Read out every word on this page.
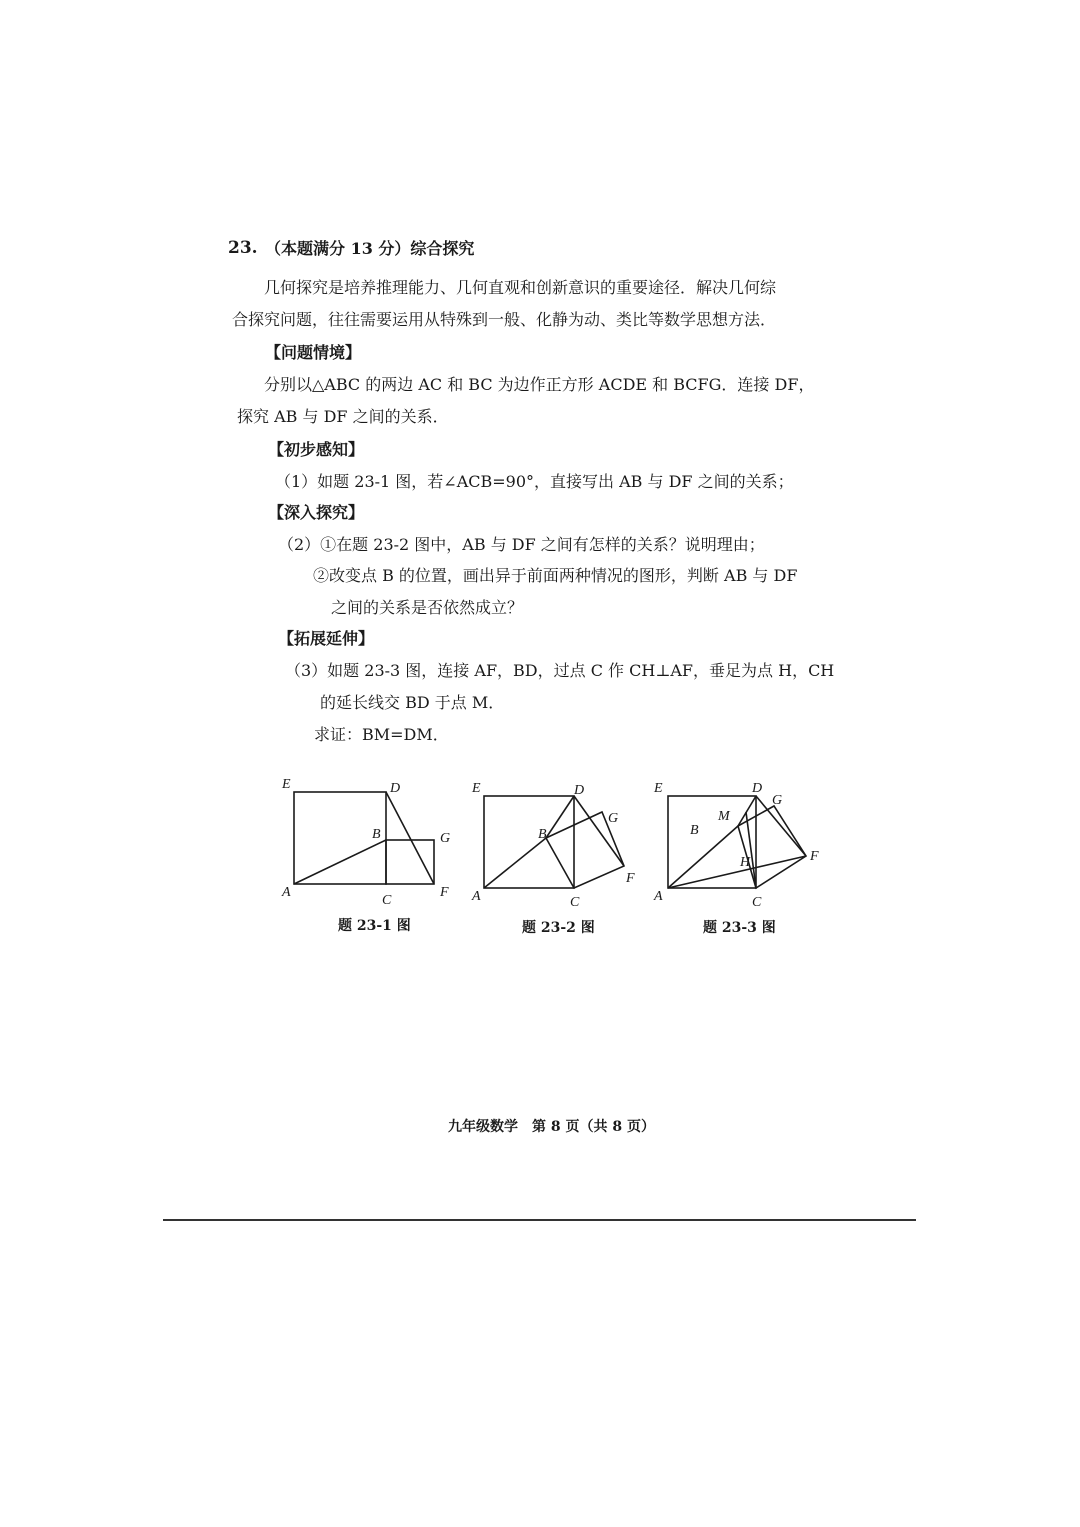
23. （本题满分 13 分）综合探究
几何探究是培养推理能力、几何直观和创新意识的重要途径．解决几何综
合探究问题，往往需要运用从特殊到一般、化静为动、类比等数学思想方法．
【问题情境】
分别以△ABC 的两边 AC 和 BC 为边作正方形 ACDE 和 BCFG．连接 DF，
探究 AB 与 DF 之间的关系．
【初步感知】
（1）如题 23-1 图，若∠ACB=90°，直接写出 AB 与 DF 之间的关系；
【深入探究】
（2）①在题 23-2 图中，AB 与 DF 之间有怎样的关系？说明理由；
②改变点 B 的位置，画出异于前面两种情况的图形，判断 AB 与 DF
之间的关系是否依然成立？
【拓展延伸】
（3）如题 23-3 图，连接 AF，BD，过点 C 作 CH⊥AF，垂足为点 H，CH
的延长线交 BD 于点 M．
求证：BM=DM．
E	D
B	G
A
C
F
题 23-1 图
E	D
B
G
A	C
F
题 23-2 图
E	D
B
G
M
H
A	C
F
题 23-3 图
九年级数学　第 8 页（共 8 页）
